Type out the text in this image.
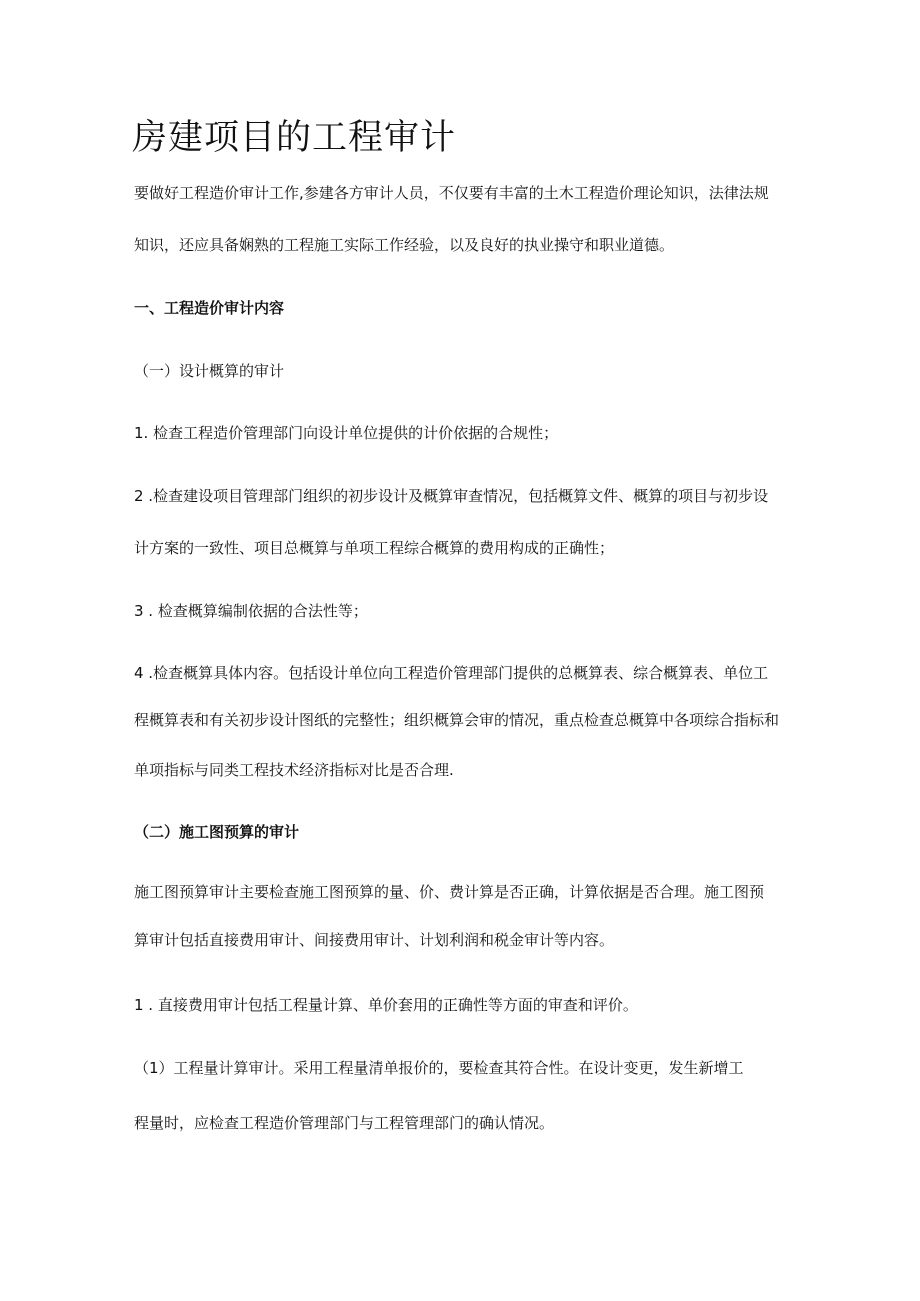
房建项目的工程审计

要做好工程造价审计工作,参建各方审计人员，不仅要有丰富的土木工程造价理论知识，法律法规

知识，还应具备娴熟的工程施工实际工作经验，以及良好的执业操守和职业道德。

一、工程造价审计内容

（一）设计概算的审计

1. 检查工程造价管理部门向设计单位提供的计价依据的合规性；

2 .检查建设项目管理部门组织的初步设计及概算审查情况，包括概算文件、概算的项目与初步设

计方案的一致性、项目总概算与单项工程综合概算的费用构成的正确性；

3 . 检查概算编制依据的合法性等；

4 .检查概算具体内容。包括设计单位向工程造价管理部门提供的总概算表、综合概算表、单位工

程概算表和有关初步设计图纸的完整性；组织概算会审的情况，重点检查总概算中各项综合指标和

单项指标与同类工程技术经济指标对比是否合理.

（二）施工图预算的审计

施工图预算审计主要检查施工图预算的量、价、费计算是否正确，计算依据是否合理。施工图预

算审计包括直接费用审计、间接费用审计、计划利润和税金审计等内容。

1 . 直接费用审计包括工程量计算、单价套用的正确性等方面的审查和评价。

（1）工程量计算审计。采用工程量清单报价的，要检查其符合性。在设计变更，发生新增工

程量时，应检查工程造价管理部门与工程管理部门的确认情况。
